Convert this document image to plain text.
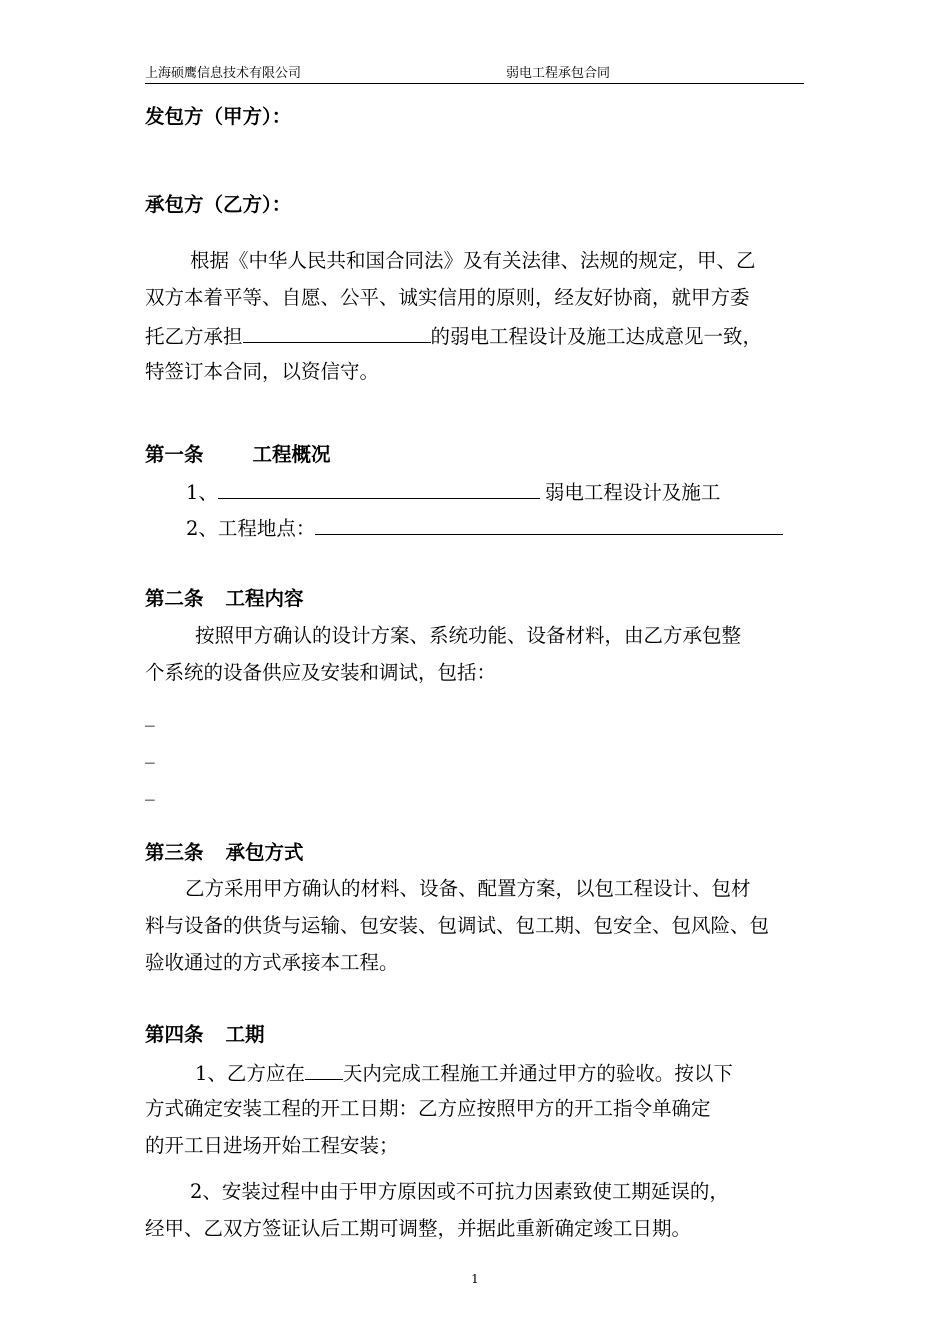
上海硕鹰信息技术有限公司	弱电工程承包合同
发包方（甲方）：
承包方（乙方）：
根据《中华人民共和国合同法》及有关法律、法规的规定，甲、乙
双方本着平等、自愿、公平、诚实信用的原则，经友好协商，就甲方委
托乙方承担	的弱电工程设计及施工达成意见一致，
特签订本合同，以资信守。
第一条	工程概况
1、	弱电工程设计及施工
2、工程地点：
第二条 工程内容
按照甲方确认的设计方案、系统功能、设备材料，由乙方承包整
个系统的设备供应及安装和调试，包括：
_
_
_
第三条 承包方式
乙方采用甲方确认的材料、设备、配置方案，以包工程设计、包材
料与设备的供货与运输、包安装、包调试、包工期、包安全、包风险、包
验收通过的方式承接本工程。
第四条 工期
1、乙方应在 天内完成工程施工并通过甲方的验收。按以下
方式确定安装工程的开工日期：乙方应按照甲方的开工指令单确定
的开工日进场开始工程安装；
2、安装过程中由于甲方原因或不可抗力因素致使工期延误的，
经甲、乙双方签证认后工期可调整，并据此重新确定竣工日期。
1
